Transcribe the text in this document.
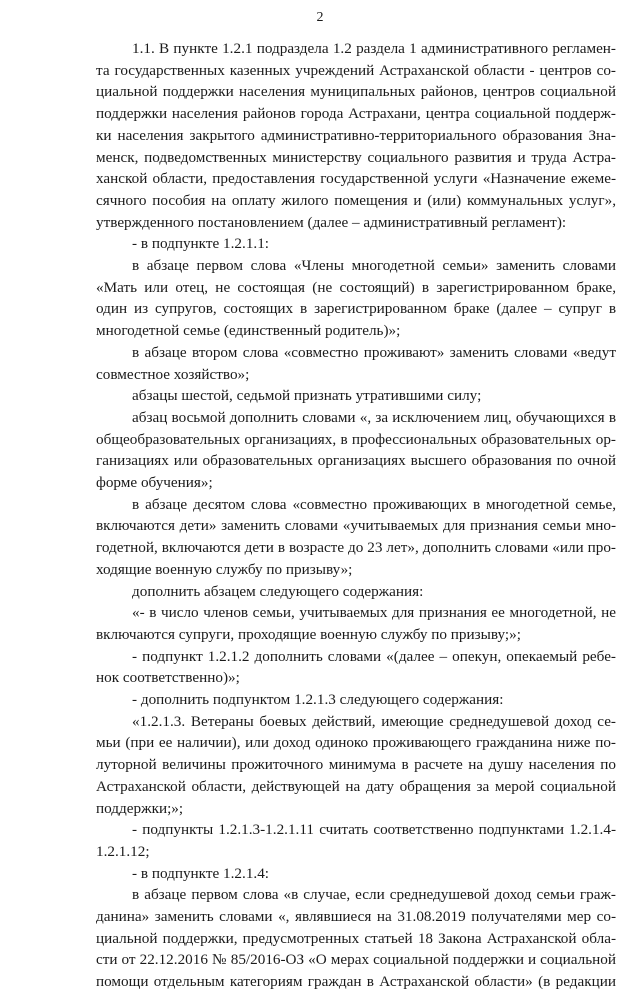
2
1.1. В пункте 1.2.1 подраздела 1.2 раздела 1 административного регламен-
та государственных казенных учреждений Астраханской области - центров со-
циальной поддержки населения муниципальных районов, центров социальной
поддержки населения районов города Астрахани, центра социальной поддерж-
ки населения закрытого административно-территориального образования Зна-
менск, подведомственных министерству социального развития и труда Астра-
ханской области, предоставления государственной услуги «Назначение ежеме-
сячного пособия на оплату жилого помещения и (или) коммунальных услуг»,
утвержденного постановлением (далее – административный регламент):
- в подпункте 1.2.1.1:
в абзаце первом слова «Члены многодетной семьи» заменить словами
«Мать или отец, не состоящая (не состоящий) в зарегистрированном браке,
один из супругов, состоящих в зарегистрированном браке (далее – супруг в
многодетной семье (единственный родитель)»;
в абзаце втором слова «совместно проживают» заменить словами «ведут
совместное хозяйство»;
абзацы шестой, седьмой признать утратившими силу;
абзац восьмой дополнить словами «, за исключением лиц, обучающихся в
общеобразовательных организациях, в профессиональных образовательных ор-
ганизациях или образовательных организациях высшего образования по очной
форме обучения»;
в абзаце десятом слова «совместно проживающих в многодетной семье,
включаются дети» заменить словами «учитываемых для признания семьи мно-
годетной, включаются дети в возрасте до 23 лет», дополнить словами «или про-
ходящие военную службу по призыву»;
дополнить абзацем следующего содержания:
«- в число членов семьи, учитываемых для признания ее многодетной, не
включаются супруги, проходящие военную службу по призыву;»;
- подпункт 1.2.1.2 дополнить словами «(далее – опекун, опекаемый ребе-
нок соответственно)»;
- дополнить подпунктом 1.2.1.3 следующего содержания:
«1.2.1.3. Ветераны боевых действий, имеющие среднедушевой доход се-
мьи (при ее наличии), или доход одиноко проживающего гражданина ниже по-
луторной величины прожиточного минимума в расчете на душу населения по
Астраханской области, действующей на дату обращения за мерой социальной
поддержки;»;
- подпункты 1.2.1.3-1.2.1.11 считать соответственно подпунктами 1.2.1.4-
1.2.1.12;
- в подпункте 1.2.1.4:
в абзаце первом слова «в случае, если среднедушевой доход семьи граж-
данина» заменить словами «, являвшиеся на 31.08.2019 получателями мер со-
циальной поддержки, предусмотренных статьей 18 Закона Астраханской обла-
сти от 22.12.2016 № 85/2016-ОЗ «О мерах социальной поддержки и социальной
помощи отдельным категориям граждан в Астраханской области» (в редакции
